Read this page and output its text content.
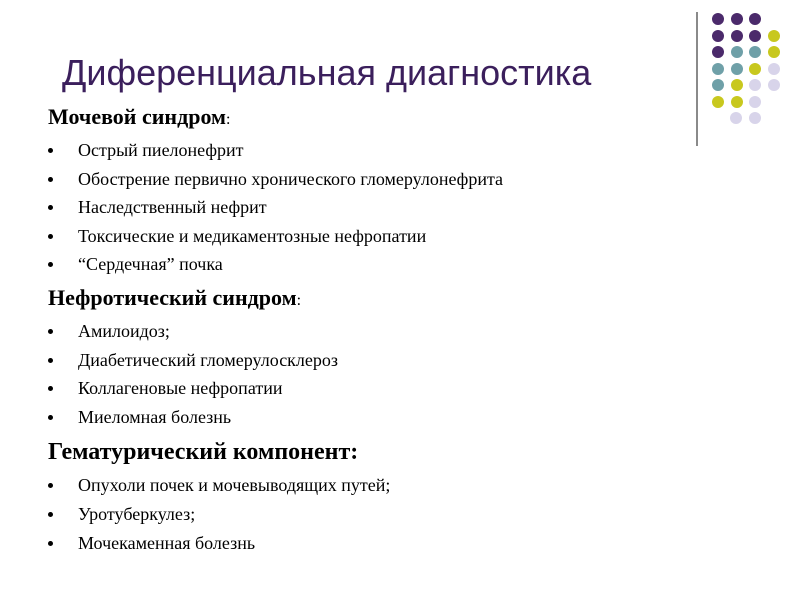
Диференциальная диагностика
Мочевой синдром:
Острый пиелонефрит
Обострение первично хронического гломерулонефрита
Наследственный нефрит
Токсические и медикаментозные нефропатии
“Сердечная” почка
Нефротический синдром:
Амилоидоз;
Диабетический гломерулосклероз
Коллагеновые нефропатии
Миеломная болезнь
Гематурический компонент:
Опухоли почек и мочевыводящих путей;
Уротуберкулез;
Мочекаменная болезнь
